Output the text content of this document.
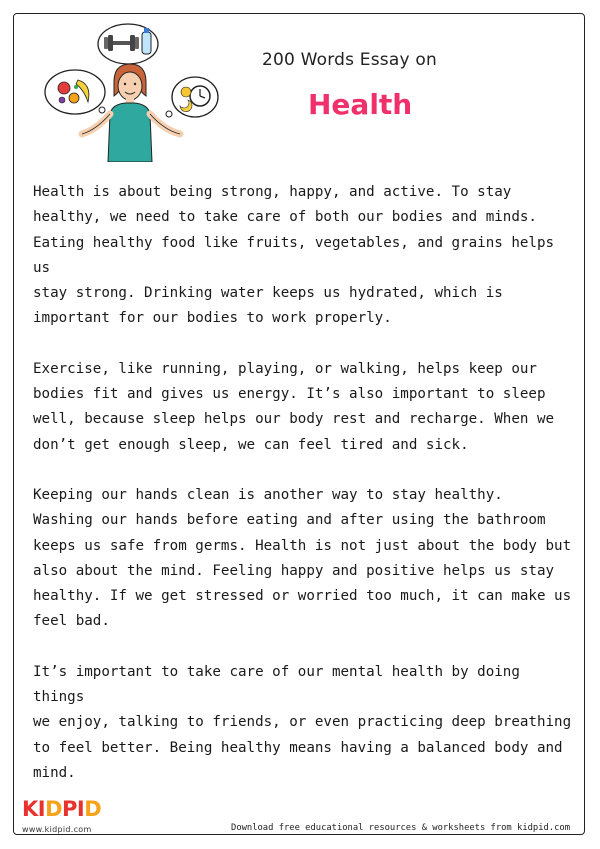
200 Words Essay on
Health

Health is about being strong, happy, and active. To stay
healthy, we need to take care of both our bodies and minds.
Eating healthy food like fruits, vegetables, and grains helps us
stay strong. Drinking water keeps us hydrated, which is
important for our bodies to work properly.

Exercise, like running, playing, or walking, helps keep our
bodies fit and gives us energy. It’s also important to sleep
well, because sleep helps our body rest and recharge. When we
don’t get enough sleep, we can feel tired and sick.

Keeping our hands clean is another way to stay healthy.
Washing our hands before eating and after using the bathroom
keeps us safe from germs. Health is not just about the body but
also about the mind. Feeling happy and positive helps us stay
healthy. If we get stressed or worried too much, it can make us
feel bad.

It’s important to take care of our mental health by doing things
we enjoy, talking to friends, or even practicing deep breathing
to feel better. Being healthy means having a balanced body and
mind.

KIDPID
www.kidpid.com	Download free educational resources & worksheets from kidpid.com
